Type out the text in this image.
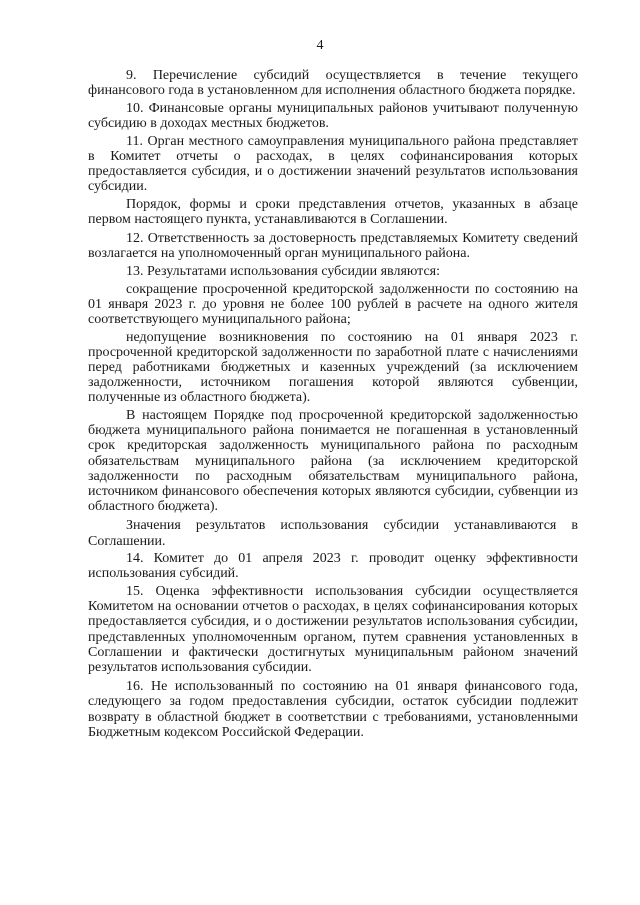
4

9. Перечисление субсидий осуществляется в течение текущего финансового года в установленном для исполнения областного бюджета порядке.

10. Финансовые органы муниципальных районов учитывают полученную субсидию в доходах местных бюджетов.

11. Орган местного самоуправления муниципального района представляет в Комитет отчеты о расходах, в целях софинансирования которых предоставляется субсидия, и о достижении значений результатов использования субсидии.

Порядок, формы и сроки представления отчетов, указанных в абзаце первом настоящего пункта, устанавливаются в Соглашении.

12. Ответственность за достоверность представляемых Комитету сведений возлагается на уполномоченный орган муниципального района.

13. Результатами использования субсидии являются:

сокращение просроченной кредиторской задолженности по состоянию на 01 января 2023 г. до уровня не более 100 рублей в расчете на одного жителя соответствующего муниципального района;

недопущение возникновения по состоянию на 01 января 2023 г. просроченной кредиторской задолженности по заработной плате с начислениями перед работниками бюджетных и казенных учреждений (за исключением задолженности, источником погашения которой являются субвенции, полученные из областного бюджета).

В настоящем Порядке под просроченной кредиторской задолженностью бюджета муниципального района понимается не погашенная в установленный срок кредиторская задолженность муниципального района по расходным обязательствам муниципального района (за исключением кредиторской задолженности по расходным обязательствам муниципального района, источником финансового обеспечения которых являются субсидии, субвенции из областного бюджета).

Значения результатов использования субсидии устанавливаются в Соглашении.

14. Комитет до 01 апреля 2023 г. проводит оценку эффективности использования субсидий.

15. Оценка эффективности использования субсидии осуществляется Комитетом на основании отчетов о расходах, в целях софинансирования которых предоставляется субсидия, и о достижении результатов использования субсидии, представленных уполномоченным органом, путем сравнения установленных в Соглашении и фактически достигнутых муниципальным районом значений результатов использования субсидии.

16. Не использованный по состоянию на 01 января финансового года, следующего за годом предоставления субсидии, остаток субсидии подлежит возврату в областной бюджет в соответствии с требованиями, установленными Бюджетным кодексом Российской Федерации.
